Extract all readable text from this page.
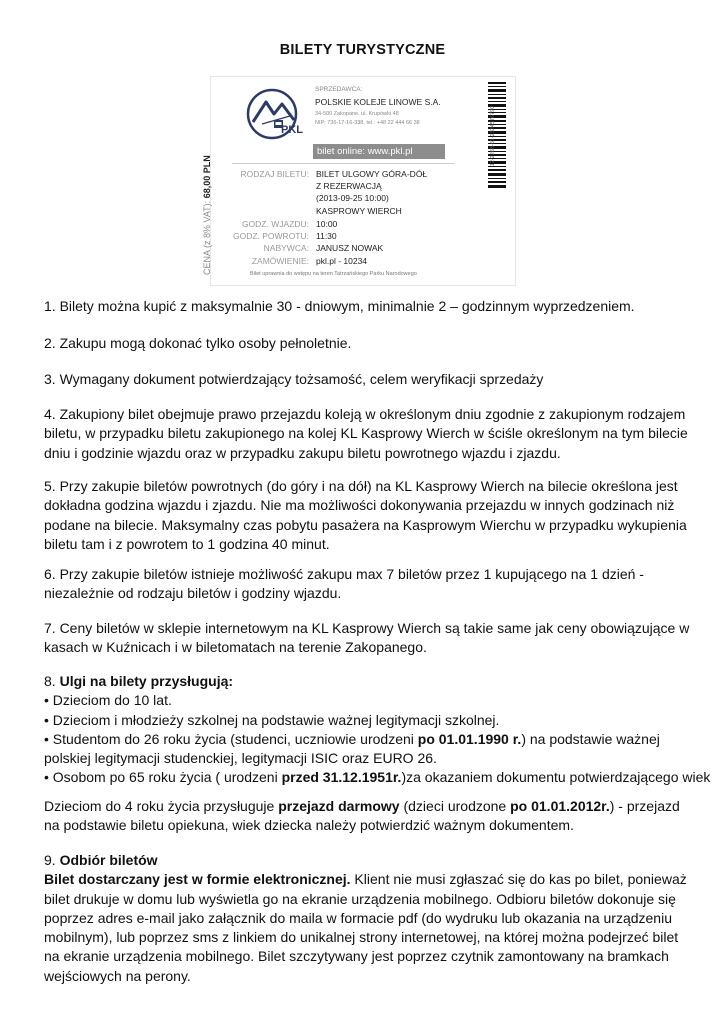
BILETY TURYSTYCZNE
CENA (z 8% VAT): 68,00 PLN
PKL
SPRZEDAWCA:
POLSKIE KOLEJE LINOWE S.A.
34-500 Zakopane, ul. Krupówki 48
NIP: 736-17-16-338, tel.: +48 22 444 66 38
bilet online: www.pkl.pl	12-2268-61-2334576790
RODZAJ BILETU: BILET ULGOWY GÓRA-DÓŁ
Z REZERWACJĄ
(2013-09-25 10:00)
KASPROWY WIERCH
GODZ. WJAZDU: 10:00
GODZ. POWROTU: 11:30
NABYWCA: JANUSZ NOWAK
ZAMÓWIENIE: pkl.pl - 10234
Bilet uprawnia do wstępu na teren Tatrzańskiego Parku Narodowego

1. Bilety można kupić z maksymalnie 30 - dniowym, minimalnie 2 – godzinnym wyprzedzeniem.

2. Zakupu mogą dokonać tylko osoby pełnoletnie.

3. Wymagany dokument potwierdzający tożsamość, celem weryfikacji sprzedaży

4. Zakupiony bilet obejmuje prawo przejazdu koleją w określonym dniu zgodnie z zakupionym rodzajem biletu, w przypadku biletu zakupionego na kolej KL Kasprowy Wierch w ściśle określonym na tym bilecie dniu i godzinie wjazdu oraz w przypadku zakupu biletu powrotnego wjazdu i zjazdu.

5. Przy zakupie biletów powrotnych (do góry i na dół) na KL Kasprowy Wierch na bilecie określona jest dokładna godzina wjazdu i zjazdu. Nie ma możliwości dokonywania przejazdu w innych godzinach niż podane na bilecie. Maksymalny czas pobytu pasażera na Kasprowym Wierchu w przypadku wykupienia biletu tam i z powrotem to 1 godzina 40 minut.

6. Przy zakupie biletów istnieje możliwość zakupu max 7 biletów przez 1 kupującego na 1 dzień - niezależnie od rodzaju biletów i godziny wjazdu.

7. Ceny biletów w sklepie internetowym na KL Kasprowy Wierch są takie same jak ceny obowiązujące w kasach w Kuźnicach i w biletomatach na terenie Zakopanego.

8. Ulgi na bilety przysługują:
• Dzieciom do 10 lat.
• Dzieciom i młodzieży szkolnej na podstawie ważnej legitymacji szkolnej.
• Studentom do 26 roku życia (studenci, uczniowie urodzeni po 01.01.1990 r.) na podstawie ważnej polskiej legitymacji studenckiej, legitymacji ISIC oraz EURO 26.
• Osobom po 65 roku życia ( urodzeni przed 31.12.1951r.)za okazaniem dokumentu potwierdzającego wiek

Dzieciom do 4 roku życia przysługuje przejazd darmowy (dzieci urodzone po 01.01.2012r.) - przejazd na podstawie biletu opiekuna, wiek dziecka należy potwierdzić ważnym dokumentem.

9. Odbiór biletów
Bilet dostarczany jest w formie elektronicznej. Klient nie musi zgłaszać się do kas po bilet, ponieważ bilet drukuje w domu lub wyświetla go na ekranie urządzenia mobilnego. Odbioru biletów dokonuje się poprzez adres e-mail jako załącznik do maila w formacie pdf (do wydruku lub okazania na urządzeniu mobilnym), lub poprzez sms z linkiem do unikalnej strony internetowej, na której można podejrzeć bilet na ekranie urządzenia mobilnego. Bilet szczytywany jest poprzez czytnik zamontowany na bramkach wejściowych na perony.
